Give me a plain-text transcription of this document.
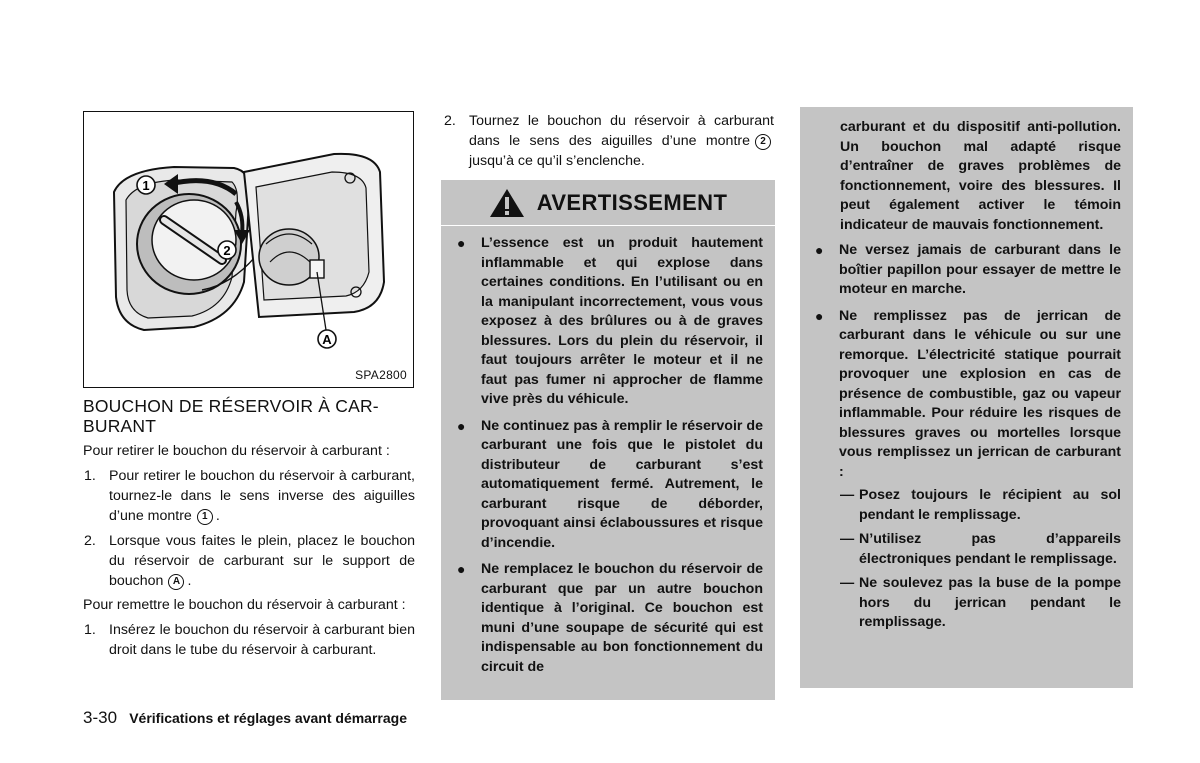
1
2
A
SPA2800
BOUCHON DE RÉSERVOIR À CAR-
BURANT

Pour retirer le bouchon du réservoir à carburant :

1. Pour retirer le bouchon du réservoir à carburant, tournez-le dans le sens inverse des aiguilles d’une montre 1 .
2. Lorsque vous faites le plein, placez le bouchon du réservoir de carburant sur le support de bouchon A .

Pour remettre le bouchon du réservoir à carburant :

1. Insérez le bouchon du réservoir à carburant bien droit dans le tube du réservoir à carburant.
2. Tournez le bouchon du réservoir à carburant dans le sens des aiguilles d’une montre 2 jusqu’à ce qu’il s’enclenche.
AVERTISSEMENT
● L’essence est un produit hautement inflammable et qui explose dans certaines conditions. En l’utilisant ou en la manipulant incorrectement, vous vous exposez à des brûlures ou à de graves blessures. Lors du plein du réservoir, il faut toujours arrêter le moteur et il ne faut pas fumer ni approcher de flamme vive près du véhicule.
● Ne continuez pas à remplir le réservoir de carburant une fois que le pistolet du distributeur de carburant s’est automatiquement fermé. Autrement, le carburant risque de déborder, provoquant ainsi éclaboussures et risque d’incendie.
● Ne remplacez le bouchon du réservoir de carburant que par un autre bouchon identique à l’original. Ce bouchon est muni d’une soupape de sécurité qui est indispensable au bon fonctionnement du circuit de

carburant et du dispositif anti-pollution. Un bouchon mal adapté risque d’entraîner de graves problèmes de fonctionnement, voire des blessures. Il peut également activer le témoin indicateur de mauvais fonctionnement.

● Ne versez jamais de carburant dans le boîtier papillon pour essayer de mettre le moteur en marche.
● Ne remplissez pas de jerrican de carburant dans le véhicule ou sur une remorque. L’électricité statique pourrait provoquer une explosion en cas de présence de combustible, gaz ou vapeur inflammable. Pour réduire les risques de blessures graves ou mortelles lorsque vous remplissez un jerrican de carburant :
— Posez toujours le récipient au sol pendant le remplissage.
— N’utilisez pas d’appareils électroniques pendant le remplissage.
— Ne soulevez pas la buse de la pompe hors du jerrican pendant le remplissage.
3-30 Vérifications et réglages avant démarrage
